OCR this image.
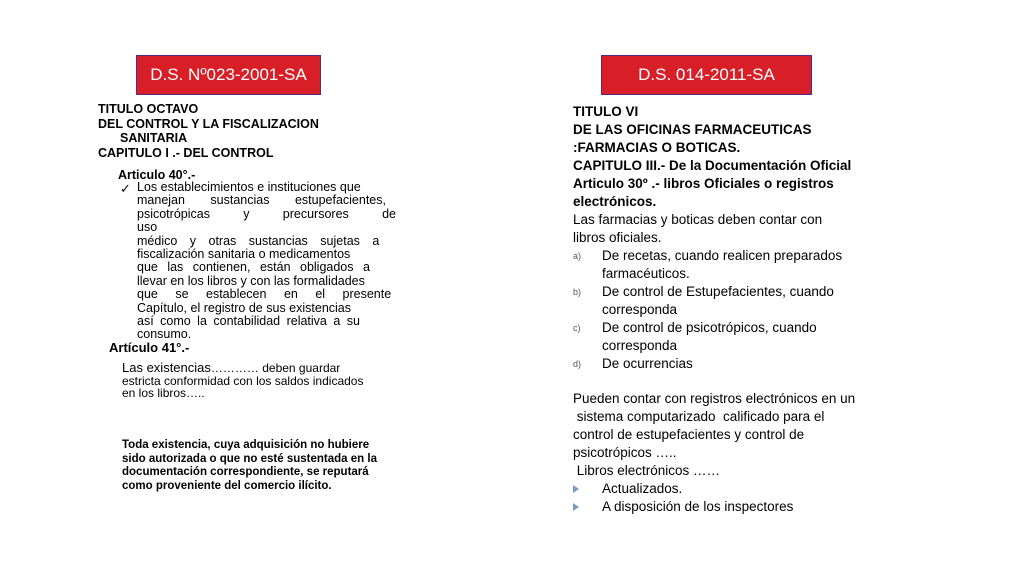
D.S. Nº023-2001-SA	D.S. 014-2011-SA
TITULO OCTAVO
DEL CONTROL Y LA FISCALIZACION
SANITARIA
CAPITULO I .- DEL CONTROL
Articulo 40°.-
✓ Los establecimientos e instituciones que
manejan sustancias estupefacientes,
psicotrópicas y precursores de uso
médico y otras sustancias sujetas a
fiscalización sanitaria o medicamentos
que las contienen, están obligados a
llevar en los libros y con las formalidades
que se establecen en el presente
Capítulo, el registro de sus existencias
así como la contabilidad relativa a su
consumo.
Artículo 41°.-
Las existencias………… deben guardar
estricta conformidad con los saldos indicados
en los libros…..
Toda existencia, cuya adquisición no hubiere
sido autorizada o que no esté sustentada en la
documentación correspondiente, se reputará
como proveniente del comercio ilícito.
TITULO VI
DE LAS OFICINAS FARMACEUTICAS
:FARMACIAS O BOTICAS.
CAPITULO III.- De la Documentación Oficial
Articulo 30º .- libros Oficiales o registros
electrónicos.
Las farmacias y boticas deben contar con
libros oficiales.
a) De recetas, cuando realicen preparados
farmacéuticos.
b) De control de Estupefacientes, cuando
corresponda
c) De control de psicotrópicos, cuando
corresponda
d) De ocurrencias
Pueden contar con registros electrónicos en un
sistema computarizado  calificado para el
control de estupefacientes y control de
psicotrópicos …..
Libros electrónicos ……
Actualizados.
A disposición de los inspectores
